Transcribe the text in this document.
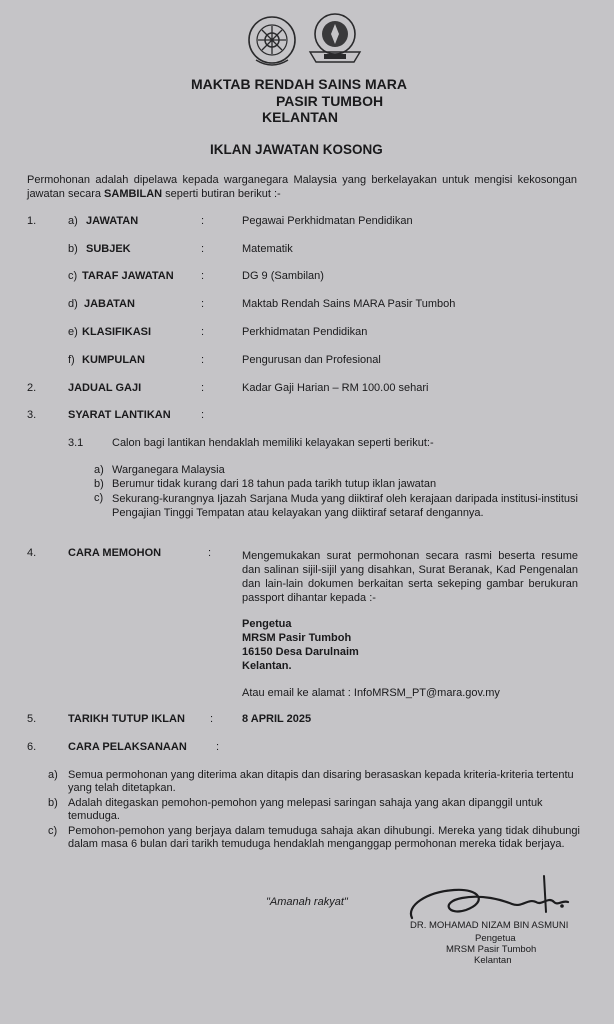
MAKTAB RENDAH SAINS MARA
PASIR TUMBOH
KELANTAN
IKLAN JAWATAN KOSONG
Permohonan adalah dipelawa kepada warganegara Malaysia yang berkelayakan untuk mengisi kekosongan jawatan secara SAMBILAN seperti butiran berikut :-
1.	a) JAWATAN	:	Pegawai Perkhidmatan Pendidikan
b) SUBJEK	:	Matematik
c) TARAF JAWATAN :	DG 9 (Sambilan)
d) JABATAN	:	Maktab Rendah Sains MARA Pasir Tumboh
e) KLASIFIKASI	:	Perkhidmatan Pendidikan
f) KUMPULAN	:	Pengurusan dan Profesional
2.	JADUAL GAJI	:	Kadar Gaji Harian – RM 100.00 sehari
3.	SYARAT LANTIKAN	:
3.1	Calon bagi lantikan hendaklah memiliki kelayakan seperti berikut:-
a) Warganegara Malaysia
b) Berumur tidak kurang dari 18 tahun pada tarikh tutup iklan jawatan
c) Sekurang-kurangnya Ijazah Sarjana Muda yang diiktiraf oleh kerajaan daripada institusi-institusi Pengajian Tinggi Tempatan atau kelayakan yang diiktiraf setaraf dengannya.
4.	CARA MEMOHON	:	Mengemukakan surat permohonan secara rasmi beserta resume dan salinan sijil-sijil yang disahkan, Surat Beranak, Kad Pengenalan dan lain-lain dokumen berkaitan serta sekeping gambar berukuran passport dihantar kepada :-
Pengetua
MRSM Pasir Tumboh
16150 Desa Darulnaim
Kelantan.
Atau email ke alamat : InfoMRSM_PT@mara.gov.my
5.	TARIKH TUTUP IKLAN :	8 APRIL 2025
6.	CARA PELAKSANAAN	:
a) Semua permohonan yang diterima akan ditapis dan disaring berasaskan kepada kriteria-kriteria tertentu yang telah ditetapkan.
b) Adalah ditegaskan pemohon-pemohon yang melepasi saringan sahaja yang akan dipanggil untuk temuduga.
c) Pemohon-pemohon yang berjaya dalam temuduga sahaja akan dihubungi. Mereka yang tidak dihubungi dalam masa 6 bulan dari tarikh temuduga hendaklah menganggap permohonan mereka tidak berjaya.
"Amanah rakyat"
DR. MOHAMAD NIZAM BIN ASMUNI
Pengetua
MRSM Pasir Tumboh
Kelantan
